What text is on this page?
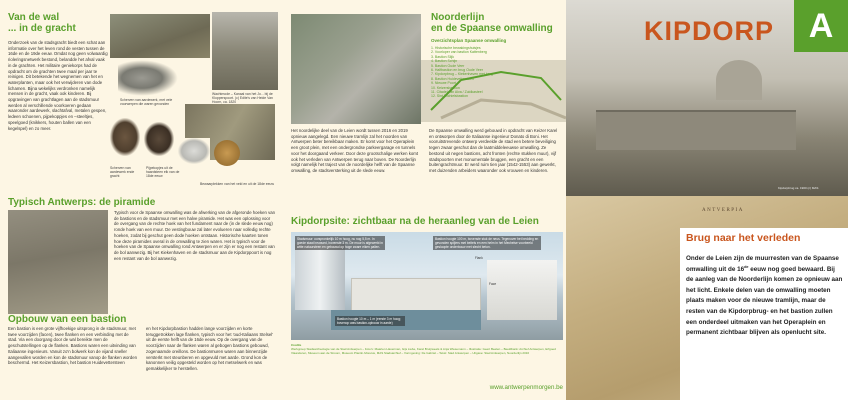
Van de wal
... in de gracht

Onderzoek van de stadsgracht biedt een schat aan informatie over het leven rond de vesten tussen de 16de en de 19de eeuw. Omdat nog geen volwaardig rioleringsnetwerk bestond, belandde het afval vaak in de grachten. Het militaire geniekorps had de opdracht om de grachten twee maal per jaar te reinigen. Dit betekende het wegnemen van het en waterplanten, maar ook het verwijderen van dode lichamen. Bijna wekelijks verdronken namelijk mensen in de gracht, vaak ook kinderen. Bij opgravingen van grachtlagen aan de stadsmuur werden al verschillende voorkoeren gedaan waaronder aardewerk, slachtafval, metalen gespen, ledeen schoenen, pijpekoppjes en –steeltjes, speelgoed (knikkers, houten ballen van een kegelspel) en zo meer.

Wachtmode – Kanaal van het Jo... bij de Klopperspoort. (c) Edite's van Heide Van Hoorn, ca. 1820

Scherven van aardewerk, met vele voorwerpen die waren gevonden

Scherven van aardewerk ende gracht

Pijpekopjes uit de haardsteen elk van de 18de eeuw

Bewaarplekken van het veld en uit de 18de eeuw

Typisch Antwerps: de piramide

Typisch voor de Spaanse omwalling was de afwerking van de afgeronde hoeken van de bastions en de stadsmuur met een halve piramide. Het was een oplossing voor de overgang van de rechte hoek van het fundament naar de (in de slede eeuw nog) ronde hoek van een muur. De vestingbouw zal later evolueren naar volledig rechte hoeken, zodat bij geschut geen dode hoeken ontstaan. Historische kaarten tonen hoe deze piramides overal in de omwalling te zien waren. Het is typisch voor de hoeken van de Spaanse omwalling rond Antwerpen en er zijn er nog een restant van de bol aanwezig. Bij het Kiekenhaven en de stadsmuur aan de Kipdorppoort is nog een restant van de bol aanwezig.

Opbouw van een bastion

Een bastion is een grote vijfhoekige uitsprong in de stadsmuur, met twee voorzijden (facen), twee flanken en een verbinding met de stad. Via een doorgang door de wal bereikte men de geschutstellingen op de flanken. Bastions waren een uitvinding van Italiaanse ingenieurs. Vanuit zo'n bolwerk kon de vijand sneller aangevallen worden en kon de stadsmuur vanop de flanken worden beschermd. Het Keizersbastion, het bastion Huidevettersteen

en het Kipdorpbastion hadden lange voorzijden en korte teruggetrokken lage flanken, typisch voor het 'oud-Italiaans Stelsel' uit de eerste helft van de 16de eeuw. Op de overgang van de voorzijden naar de flanken waren al gebogen bastions gebouwd, zogenaamde oreillons. De bastionmuren waren aan binnenzijde versterkt met steunberen en opgevuld met aarde. Grond kon de kanonnen veilig opgesteld worden op het metselwerk en was gemakkelijker te herstellen.

Noorderlijn
en de Spaanse omwalling
Overzichtsplan Spaanse omwalling
1. Historische bewakingshuisjes
2. Voorloper van bastion Kattenberg
3. Bastion Slijk
4. Bastion Schijn
5. Bastion Oude Veer
6. Halfbastion en brug Oude Veer
7. Kipdorpbrug – Kiekenhaven met brug
8. Bastion Huidevettersteen
9. Nieuwe Poort
10. Keizersbastion
11. Citadel van Alva / Zuidkasteel
12. Sint-Michielsbastion

Het noordelijke deel van de Leien wordt tussen 2016 en 2019 opnieuw aangelegd. Een nieuwe tramlijn zal het noorden van Antwerpen beter bereikbaar maken. Er komt voor het Operaplein een groot plein, met een ondergrondse parkeergarage en tunnels voor het doorgaand verkeer. Door deze grootschalige werken komt ook het verleden van Antwerpen terug naar boven. De Noorderlijn volgt namelijk het traject van de noordelijke helft van de Spaanse omwalling, de stadsversterking uit de slede eeuw.

De Spaanse omwalling werd gebouwd in opdracht van Keizer Karel en ontworpen door de Italiaanse ingenieur Donato di Boni. Het vooruitstrevende ontwerp verdeelde de stad een betere beveiliging tegen zwaar geschut dan de laatmiddeleeuwse omwalling. Ze bestond uit negen bastions, acht fronten (rechte stukken muur), vijf stadspoorten met monumentale bruggen, een gracht en een buitengrachtmuur. Er werd ruim tien jaar (1542-1553) aan gewerkt, met duizenden arbeiders waaronder ook vrouwen en kinderen.

Kipdorpsite: zichtbaar na de heraanleg van de Leien

Stadsmuur: oorspronkelijk 10 m hoog, nu nog 5,5 m. In goede staat bewaard, bovenste 3 m. De muur is afgewerkt in witte natuursteen en gebouwd op hoge zware eiken pallen.

Bastion hoogte 100 m, bovenste stuk de neus. Tegenover het bedding en gevonden spijlers met beitels en een helm in het Mechelse voorbeeld gesloopte onderbouw met slecht beton.

Bastion hoogte 10 m – 1 m (eerste 3 m hoog; bovenop was bastion-opbouw in aarde)

Flank
Face

Credits
Werkgroep Stadsarcheologie van de Stad Antwerpen – Foto's: Maarten Haverman, Gijs Liebe, Karel Bruijnseels & Anja Wiesemann – Illustratie: Geert Beelen – Beeldbank: Archief Antwerpen, Erfgoed Vlaanderen, Museum aan de Stroom, Museum Plantin-Moretus, MAS Stadsarchief – Vormgeving: De Gabriel – Tekst: Stad Antwerpen – Uitgave: Stad Antwerpen, Noorderlijn 2016

www.antwerpenmorgen.be
KIPDORP	A
Kipdorpbrug ca. 1900 (c) MAS
ANTVERPIA
Brug naar het verleden

Onder de Leien zijn de muurresten van de Spaanse omwalling uit de 16de eeuw nog goed bewaard. Bij de aanleg van de Noorderlijn komen ze opnieuw aan het licht. Enkele delen van de omwalling moeten plaats maken voor de nieuwe tramlijn, maar de resten van de Kipdorpbrug- en het bastion zullen een onderdeel uitmaken van het Operaplein en permanent zichtbaar blijven als openlucht site.
